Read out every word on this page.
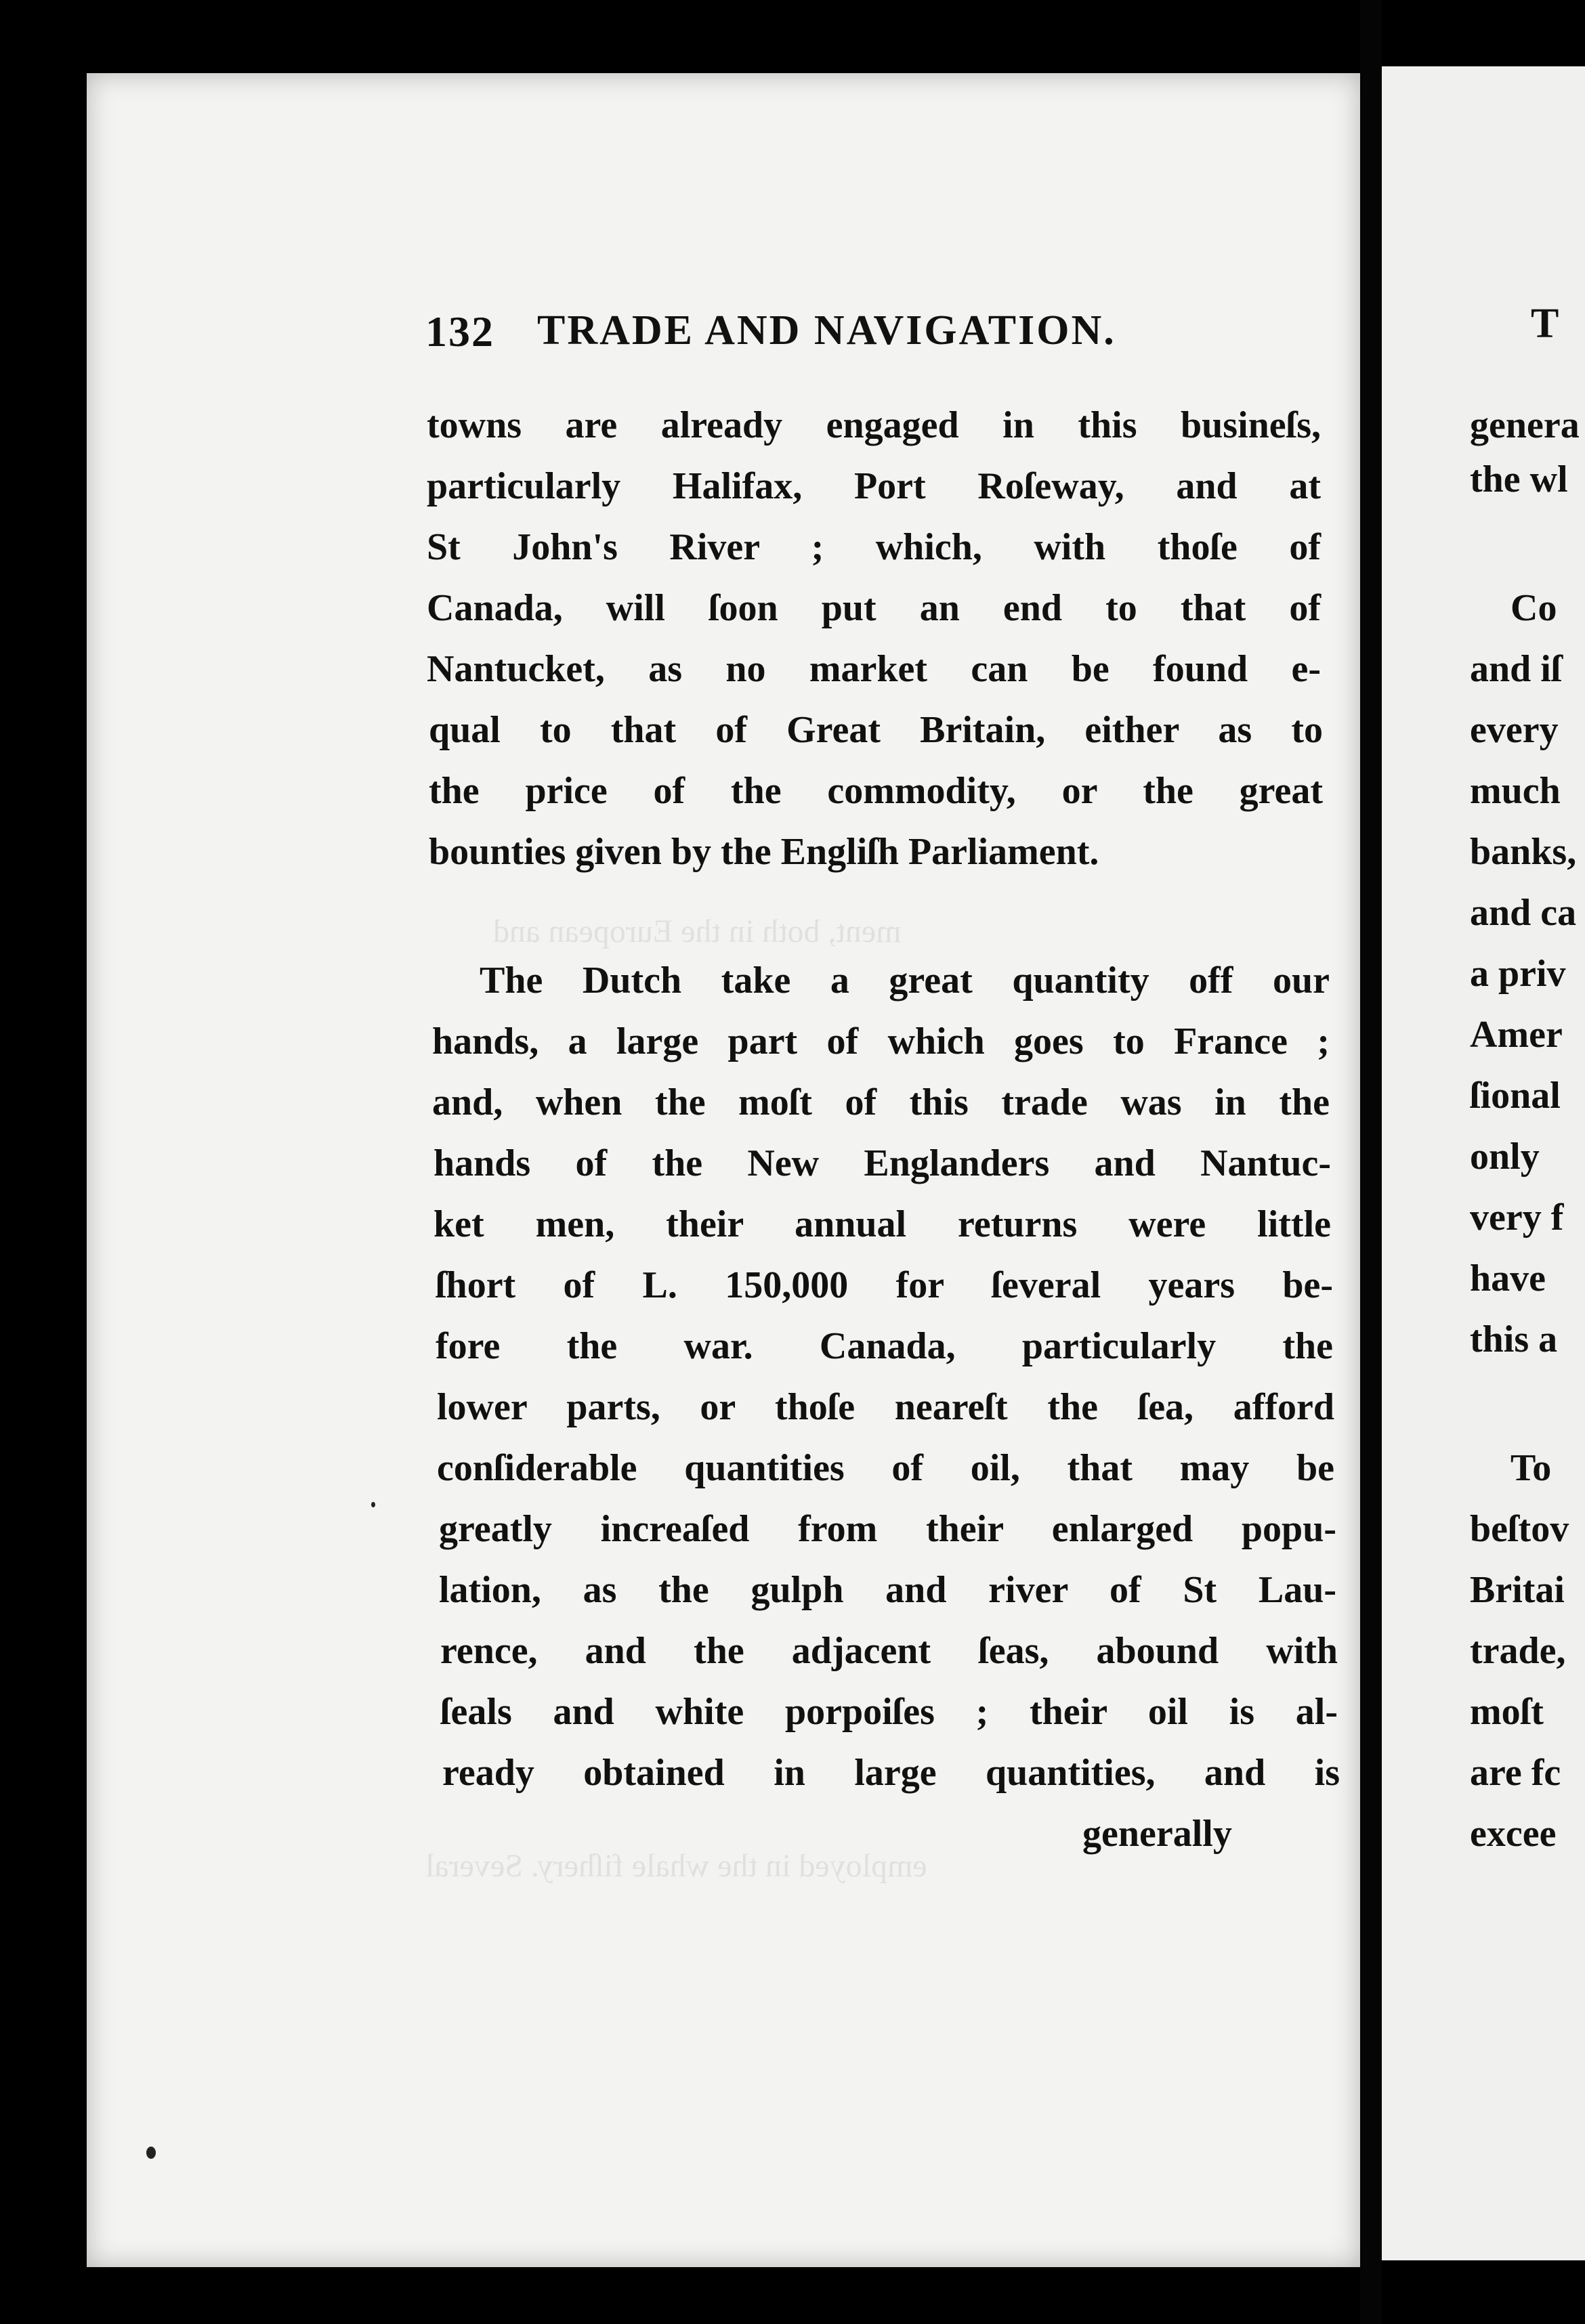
ment, both in the European and
employed in the whale fiſhery. Several
132 TRADE AND NAVIGATION.
towns are already engaged in this busineſs,
particularly Halifax, Port Roſeway, and at
St John's River ; which, with thoſe of
Canada, will ſoon put an end to that of
Nantucket, as no market can be found e-
qual to that of Great Britain, either as to
the price of the commodity, or the great
bounties given by the Engliſh Parliament.
The Dutch take a great quantity off our
hands, a large part of which goes to France ;
and, when the moſt of this trade was in the
hands of the New Englanders and Nantuc-
ket men, their annual returns were little
ſhort of L. 150,000 for ſeveral years be-
fore the war. Canada, particularly the
lower parts, or thoſe neareſt the ſea, afford
conſiderable quantities of oil, that may be
greatly increaſed from their enlarged popu-
lation, as the gulph and river of St Lau-
rence, and the adjacent ſeas, abound with
ſeals and white porpoiſes ; their oil is al-
ready obtained in large quantities, and is
generally
T
genera
the wl
Co
and iſ
every
much
banks,
and ca
a priv
Amer
ſional
only
very f
have
this a
To
beſtov
Britai
trade,
moſt
are fc
excee
